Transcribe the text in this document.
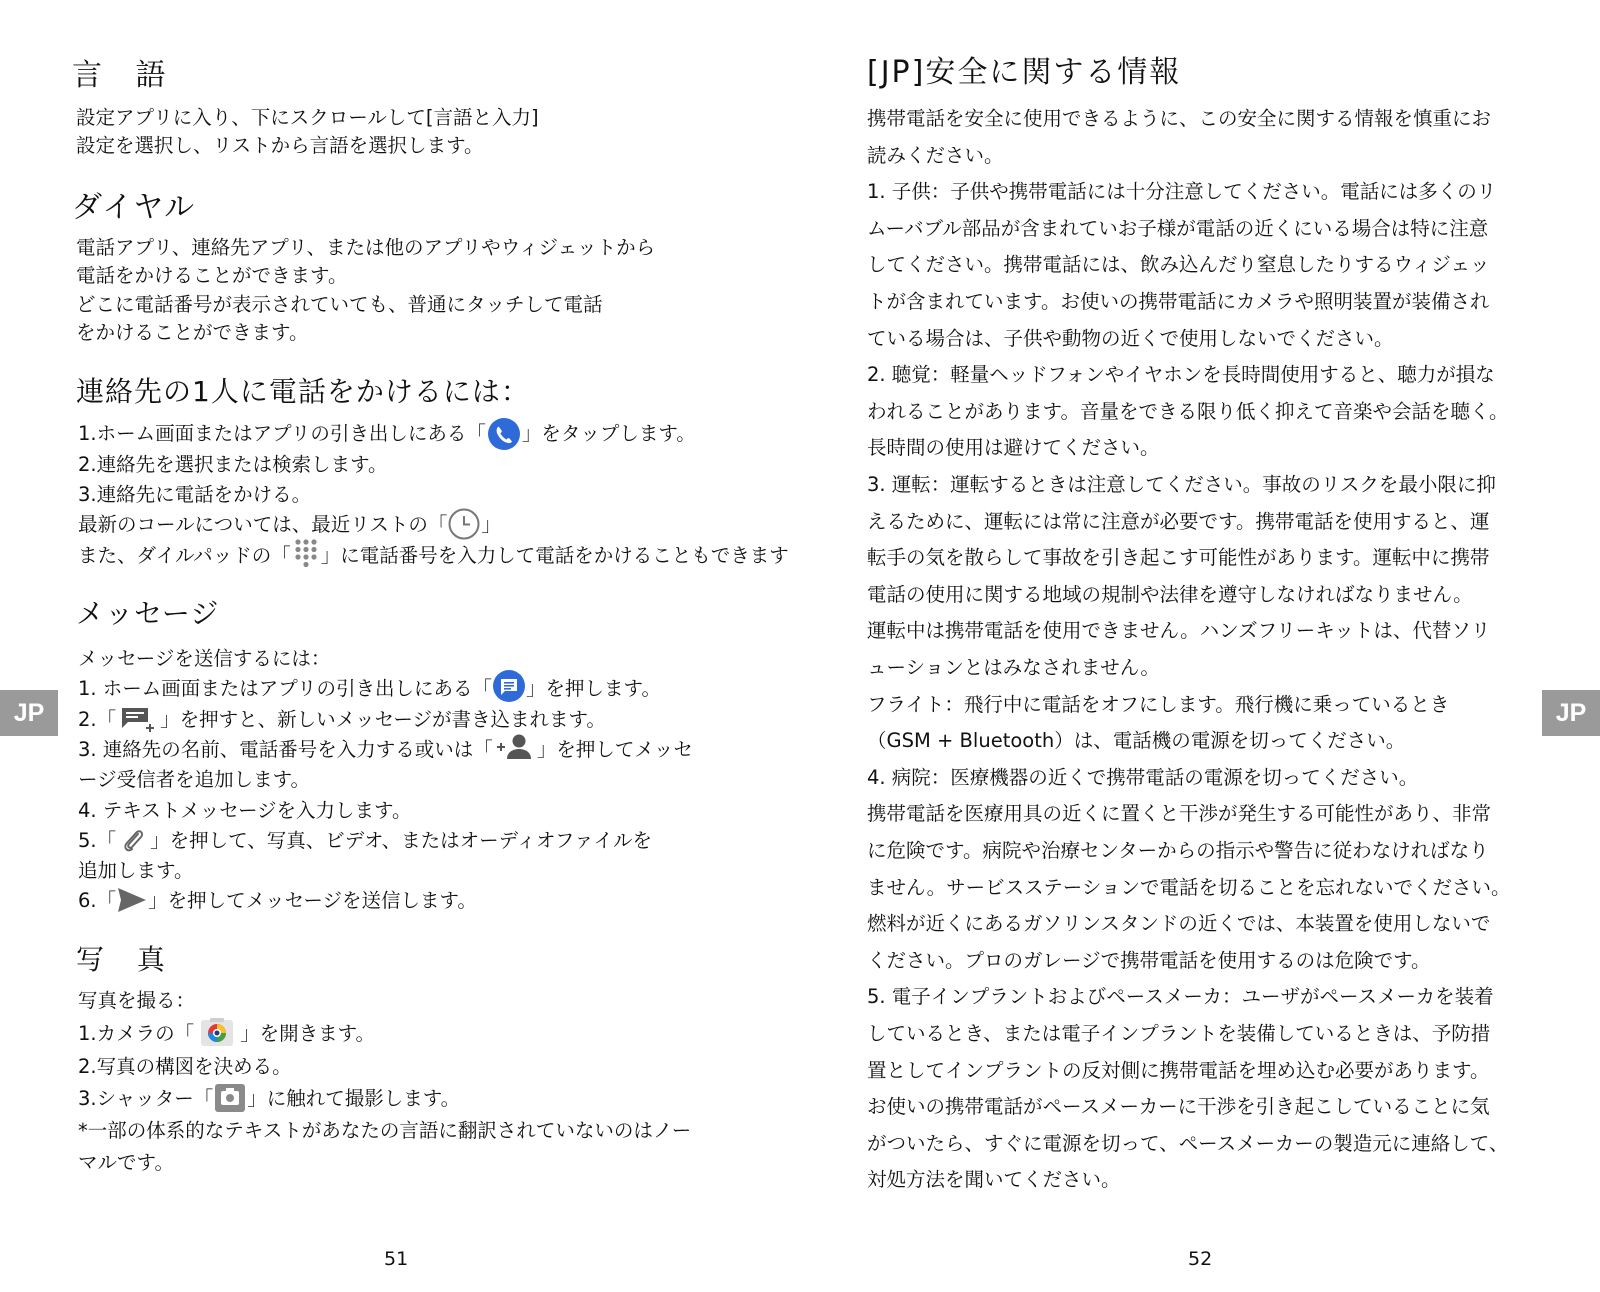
言 語
設定アプリに入り、下にスクロールして[言語と入力]
設定を選択し、リストから言語を選択します。
ダイヤル
電話アプリ、連絡先アプリ、または他のアプリやウィジェットから
電話をかけることができます。
どこに電話番号が表示されていても、普通にタッチして電話
をかけることができます。
連絡先の1人に電話をかけるには：
1.ホーム画面またはアプリの引き出しにある「 」をタップします。
2.連絡先を選択または検索します。
3.連絡先に電話をかける。
最新のコールについては、最近リストの「 」
また、ダイルパッドの「 」に電話番号を入力して電話をかけることもできます
メッセージ
メッセージを送信するには：
1. ホーム画面またはアプリの引き出しにある「 」を押します。
2.「 」を押すと、新しいメッセージが書き込まれます。
3. 連絡先の名前、電話番号を入力する或いは「 」を押してメッセ
ージ受信者を追加します。
4. テキストメッセージを入力します。
5.「 」を押して、写真、ビデオ、またはオーディオファイルを
追加します。
6.「 」を押してメッセージを送信します。
写 真
写真を撮る：
1.カメラの「 」を開きます。
2.写真の構図を決める。
3.シャッター「 」に触れて撮影します。
*一部の体系的なテキストがあなたの言語に翻訳されていないのはノー
マルです。
51
JP
[JP]安全に関する情報
携帯電話を安全に使用できるように、この安全に関する情報を慎重にお
読みください。
1. 子供：子供や携帯電話には十分注意してください。電話には多くのリ
ムーバブル部品が含まれていお子様が電話の近くにいる場合は特に注意
してください。携帯電話には、飲み込んだり窒息したりするウィジェッ
トが含まれています。お使いの携帯電話にカメラや照明装置が装備され
ている場合は、子供や動物の近くで使用しないでください。
2. 聴覚：軽量ヘッドフォンやイヤホンを長時間使用すると、聴力が損な
われることがあります。音量をできる限り低く抑えて音楽や会話を聴く。
長時間の使用は避けてください。
3. 運転：運転するときは注意してください。事故のリスクを最小限に抑
えるために、運転には常に注意が必要です。携帯電話を使用すると、運
転手の気を散らして事故を引き起こす可能性があります。運転中に携帯
電話の使用に関する地域の規制や法律を遵守しなければなりません。
運転中は携帯電話を使用できません。ハンズフリーキットは、代替ソリ
ューションとはみなされません。
フライト：飛行中に電話をオフにします。飛行機に乗っているとき
（GSM + Bluetooth）は、電話機の電源を切ってください。
4. 病院：医療機器の近くで携帯電話の電源を切ってください。
携帯電話を医療用具の近くに置くと干渉が発生する可能性があり、非常
に危険です。病院や治療センターからの指示や警告に従わなければなり
ません。サービスステーションで電話を切ることを忘れないでください。
燃料が近くにあるガソリンスタンドの近くでは、本装置を使用しないで
ください。プロのガレージで携帯電話を使用するのは危険です。
5. 電子インプラントおよびペースメーカ：ユーザがペースメーカを装着
しているとき、または電子インプラントを装備しているときは、予防措
置としてインプラントの反対側に携帯電話を埋め込む必要があります。
お使いの携帯電話がペースメーカーに干渉を引き起こしていることに気
がついたら、すぐに電源を切って、ペースメーカーの製造元に連絡して、
対処方法を聞いてください。
JP
52
